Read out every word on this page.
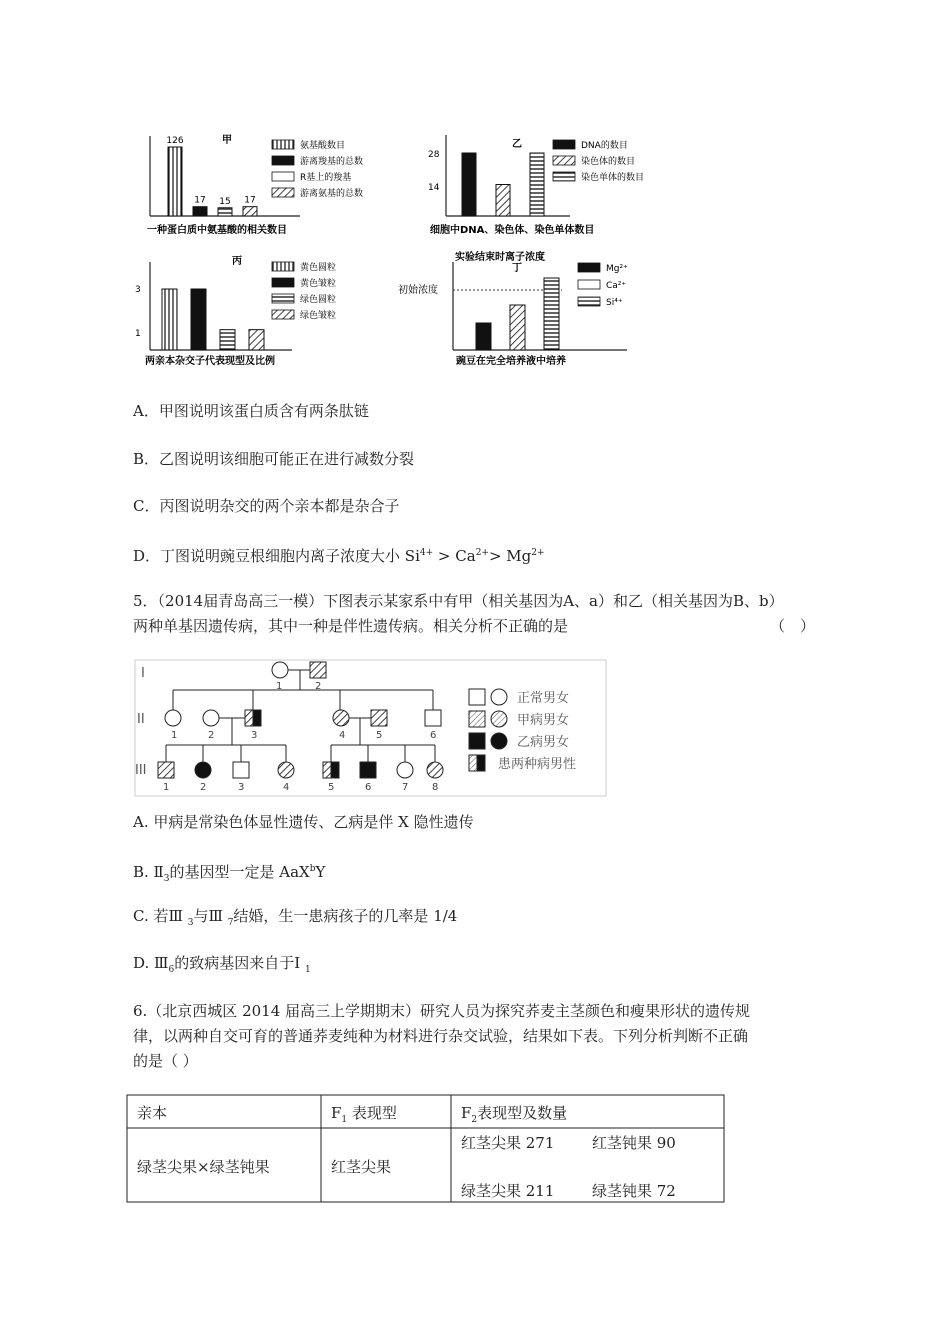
甲
126
17 15 17
一种蛋白质中氨基酸的相关数目
氨基酸数目
游离羧基的总数
R基上的羧基
游离氨基的总数
乙
28
14
细胞中DNA、染色体、染色单体数目
DNA的数目
染色体的数目
染色单体的数目
丙
3
1
两亲本杂交子代表现型及比例
黄色圆粒
黄色皱粒
绿色圆粒
绿色皱粒
实验结束时离子浓度
丁
初始浓度
豌豆在完全培养液中培养
Mg²⁺
Ca²⁺
Si⁴⁺
I
II
III
1	2
1	2	3	4	5	6
1	2	3	4	5	6	7 8
正常男女
甲病男女
乙病男女
患两种病男性
A．甲图说明该蛋白质含有两条肽链
B．乙图说明该细胞可能正在进行减数分裂
C．丙图说明杂交的两个亲本都是杂合子
D．丁图说明豌豆根细胞内离子浓度大小 $Si^{4+} > Ca^{2+}> Mg^{2+}$
5．（2014届青岛高三一模）下图表示某家系中有甲（相关基因为A、a）和乙（相关基因为B、b）
两种单基因遗传病，其中一种是伴性遗传病。相关分析不正确的是	（　）
A. 甲病是常染色体显性遗传、乙病是伴 X 隐性遗传
B. $Ⅱ_3$的基因型一定是 AaX$^b$Y
C. 若Ⅲ $_3$与Ⅲ $_7$结婚，生一患病孩子的几率是 1/4
D. $Ⅲ_6$的致病基因来自于Ⅰ $_1$
6.（北京西城区 2014 届高三上学期期末）研究人员为探究荞麦主茎颜色和瘦果形状的遗传规
律，以两种自交可育的普通荞麦纯种为材料进行杂交试验，结果如下表。下列分析判断不正确
的是（ ）
亲本	$F_1$ 表现型	$F_2$表现型及数量
绿茎尖果×绿茎钝果	红茎尖果
红茎尖果 271	红茎钝果 90
绿茎尖果 211	绿茎钝果 72
